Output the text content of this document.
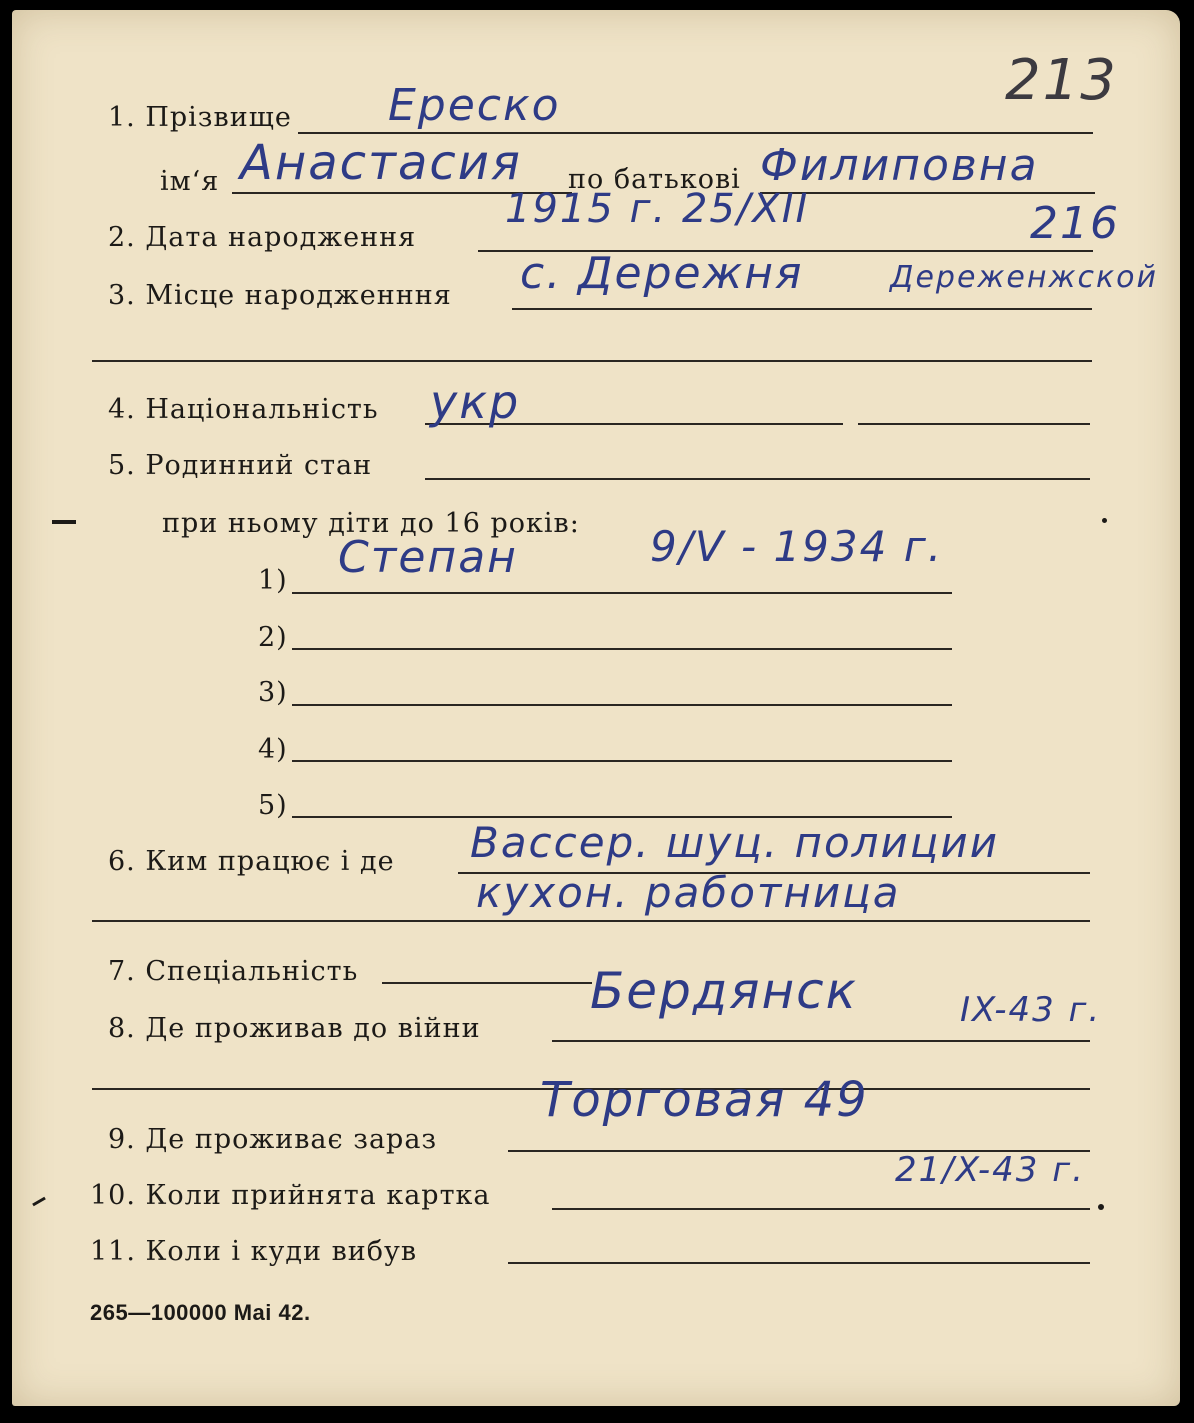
213
1. Прізвище Ереско
ім‘я Анастасия по батькові Филиповна
2. Дата народження
1915 г. 25/XII	216
3. Місце народженння с. Дережня	Дереженжской
4. Національність укр
5. Родинний стан
при ньому діти до 16 років:
1) Степан	9/V - 1934 г.
2)
3)
4)
5)
6. Ким працює і де Вассер. шуц. полиции
кухон. работница
7. Спеціальність
8. Де проживав до війни
Бердянск	IX-43 г.
9. Де проживає зараз
Торговая 49
10. Коли прийнята картка
21/X-43 г.
11. Коли і куди вибув
265—100000 Mai 42.
